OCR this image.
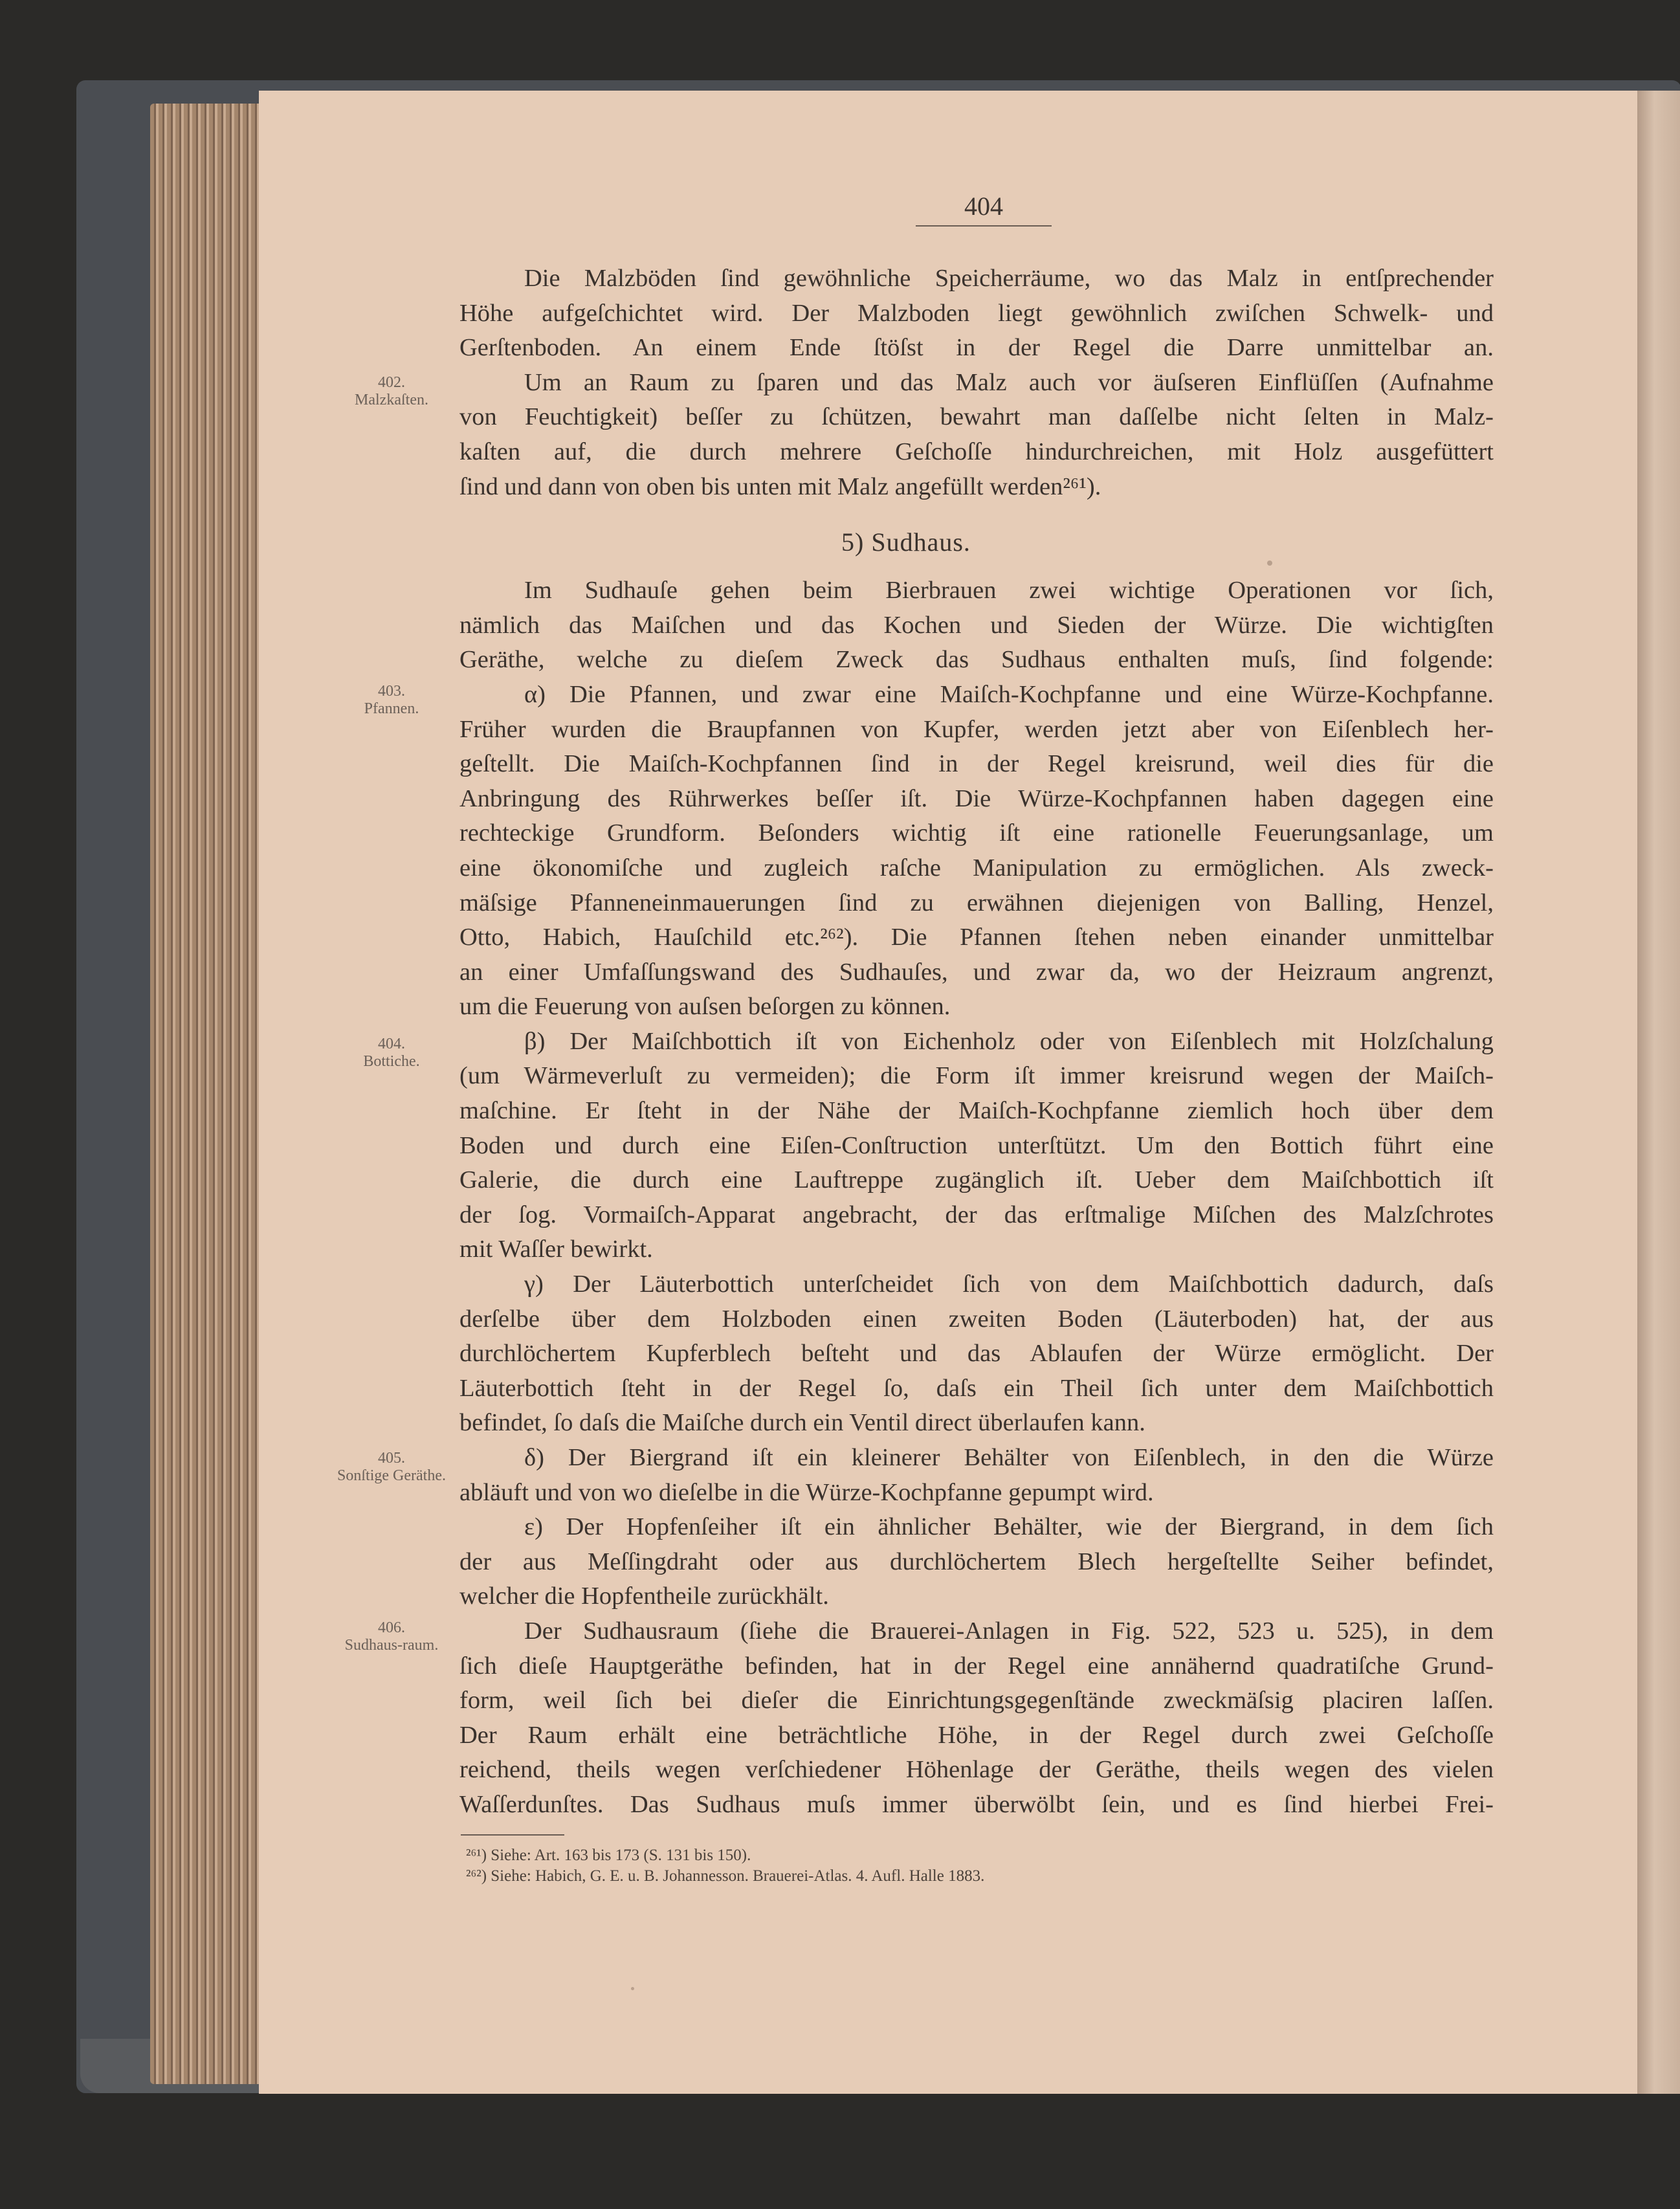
404
402.
Malzkaſten.
403.
Pfannen.
404.
Bottiche.
405.
Sonſtige Geräthe.
406.
Sudhaus-raum.
5) Sudhaus.
Die Malzböden ſind gewöhnliche Speicherräume, wo das Malz in entſprechender
Höhe aufgeſchichtet wird. Der Malzboden liegt gewöhnlich zwiſchen Schwelk- und
Gerſtenboden. An einem Ende ſtöſst in der Regel die Darre unmittelbar an.
Um an Raum zu ſparen und das Malz auch vor äuſseren Einflüſſen (Aufnahme
von Feuchtigkeit) beſſer zu ſchützen, bewahrt man daſſelbe nicht ſelten in Malz-
kaſten auf, die durch mehrere Geſchoſſe hindurchreichen, mit Holz ausgefüttert
ſind und dann von oben bis unten mit Malz angefüllt werden²⁶¹).
Im Sudhauſe gehen beim Bierbrauen zwei wichtige Operationen vor ſich,
nämlich das Maiſchen und das Kochen und Sieden der Würze. Die wichtigſten
Geräthe, welche zu dieſem Zweck das Sudhaus enthalten muſs, ſind folgende:
α) Die Pfannen, und zwar eine Maiſch-Kochpfanne und eine Würze-Kochpfanne.
Früher wurden die Braupfannen von Kupfer, werden jetzt aber von Eiſenblech her-
geſtellt. Die Maiſch-Kochpfannen ſind in der Regel kreisrund, weil dies für die
Anbringung des Rührwerkes beſſer iſt. Die Würze-Kochpfannen haben dagegen eine
rechteckige Grundform. Beſonders wichtig iſt eine rationelle Feuerungsanlage, um
eine ökonomiſche und zugleich raſche Manipulation zu ermöglichen. Als zweck-
mäſsige Pfanneneinmauerungen ſind zu erwähnen diejenigen von Balling, Henzel,
Otto, Habich, Hauſchild etc.²⁶²). Die Pfannen ſtehen neben einander unmittelbar
an einer Umfaſſungswand des Sudhauſes, und zwar da, wo der Heizraum angrenzt,
um die Feuerung von auſsen beſorgen zu können.
β) Der Maiſchbottich iſt von Eichenholz oder von Eiſenblech mit Holzſchalung
(um Wärmeverluſt zu vermeiden); die Form iſt immer kreisrund wegen der Maiſch-
maſchine. Er ſteht in der Nähe der Maiſch-Kochpfanne ziemlich hoch über dem
Boden und durch eine Eiſen-Conſtruction unterſtützt. Um den Bottich führt eine
Galerie, die durch eine Lauftreppe zugänglich iſt. Ueber dem Maiſchbottich iſt
der ſog. Vormaiſch-Apparat angebracht, der das erſtmalige Miſchen des Malzſchrotes
mit Waſſer bewirkt.
γ) Der Läuterbottich unterſcheidet ſich von dem Maiſchbottich dadurch, daſs
derſelbe über dem Holzboden einen zweiten Boden (Läuterboden) hat, der aus
durchlöchertem Kupferblech beſteht und das Ablaufen der Würze ermöglicht. Der
Läuterbottich ſteht in der Regel ſo, daſs ein Theil ſich unter dem Maiſchbottich
befindet, ſo daſs die Maiſche durch ein Ventil direct überlaufen kann.
δ) Der Biergrand iſt ein kleinerer Behälter von Eiſenblech, in den die Würze
abläuft und von wo dieſelbe in die Würze-Kochpfanne gepumpt wird.
ε) Der Hopfenſeiher iſt ein ähnlicher Behälter, wie der Biergrand, in dem ſich
der aus Meſſingdraht oder aus durchlöchertem Blech hergeſtellte Seiher befindet,
welcher die Hopfentheile zurückhält.
Der Sudhausraum (ſiehe die Brauerei-Anlagen in Fig. 522, 523 u. 525), in dem
ſich dieſe Hauptgeräthe befinden, hat in der Regel eine annähernd quadratiſche Grund-
form, weil ſich bei dieſer die Einrichtungsgegenſtände zweckmäſsig placiren laſſen.
Der Raum erhält eine beträchtliche Höhe, in der Regel durch zwei Geſchoſſe
reichend, theils wegen verſchiedener Höhenlage der Geräthe, theils wegen des vielen
Waſſerdunſtes. Das Sudhaus muſs immer überwölbt ſein, und es ſind hierbei Frei-
²⁶¹) Siehe: Art. 163 bis 173 (S. 131 bis 150).
²⁶²) Siehe: Habich, G. E. u. B. Johannesson. Brauerei-Atlas. 4. Aufl. Halle 1883.
